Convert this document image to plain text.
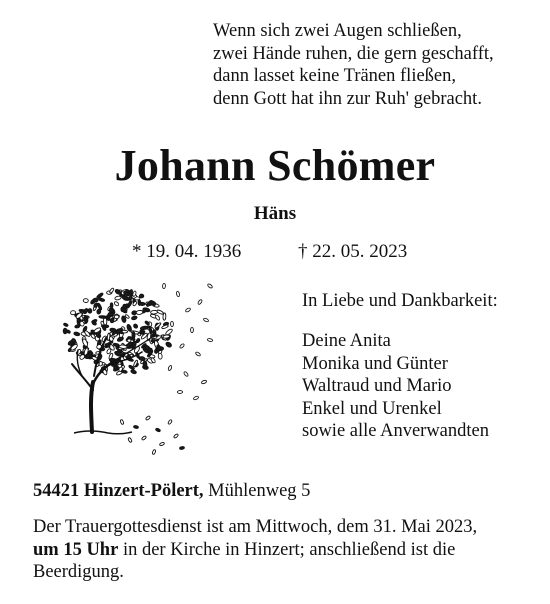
Wenn sich zwei Augen schließen,
zwei Hände ruhen, die gern geschafft,
dann lasset keine Tränen fließen,
denn Gott hat ihn zur Ruh' gebracht.
Johann Schömer
Häns
* 19. 04. 1936	† 22. 05. 2023
In Liebe und Dankbarkeit:
Deine Anita
Monika und Günter
Waltraud und Mario
Enkel und Urenkel
sowie alle Anverwandten
54421 Hinzert-Pölert, Mühlenweg 5
Der Trauergottesdienst ist am Mittwoch, dem 31. Mai 2023,
um 15 Uhr in der Kirche in Hinzert; anschließend ist die
Beerdigung.
